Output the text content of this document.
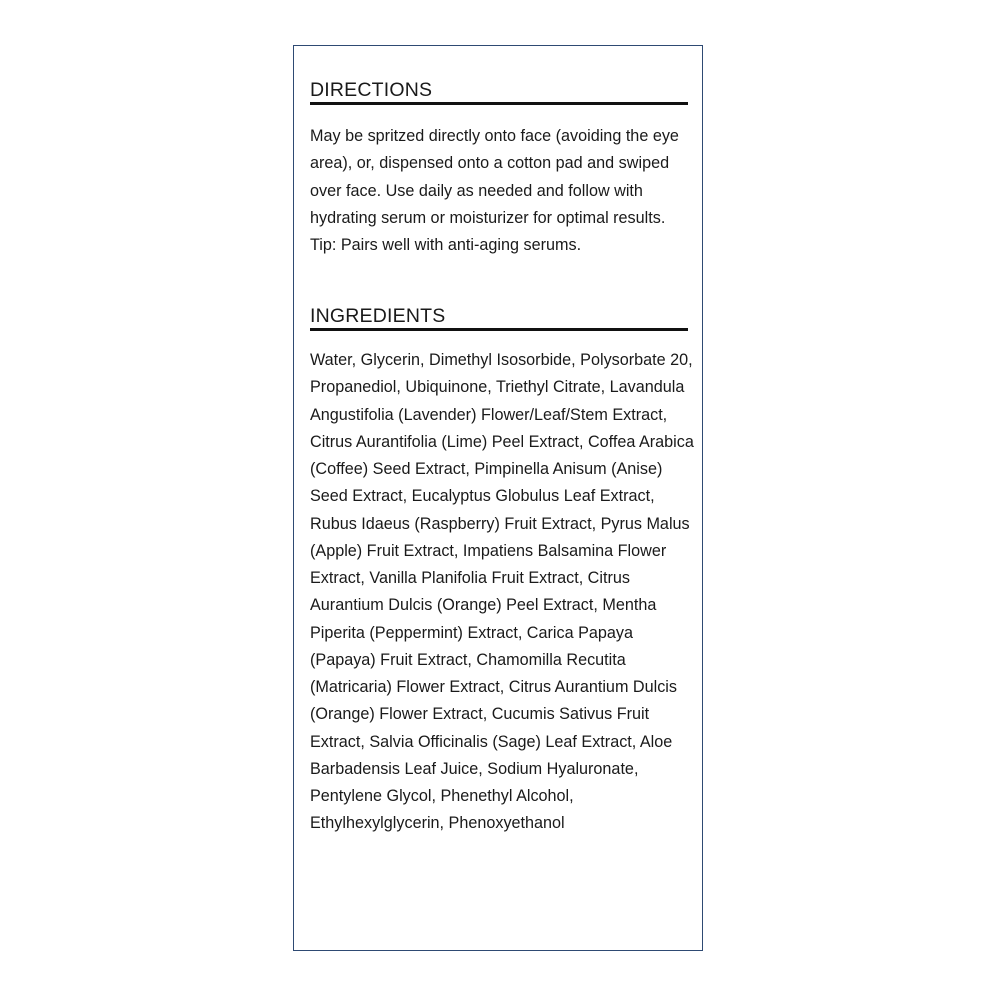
DIRECTIONS

May be spritzed directly onto face (avoiding the eye area), or, dispensed onto a cotton pad and swiped over face. Use daily as needed and follow with hydrating serum or moisturizer for optimal results. Tip: Pairs well with anti-aging serums.

INGREDIENTS

Water, Glycerin, Dimethyl Isosorbide, Polysorbate 20, Propanediol, Ubiquinone, Triethyl Citrate, Lavandula Angustifolia (Lavender) Flower/Leaf/Stem Extract, Citrus Aurantifolia (Lime) Peel Extract, Coffea Arabica (Coffee) Seed Extract, Pimpinella Anisum (Anise) Seed Extract, Eucalyptus Globulus Leaf Extract, Rubus Idaeus (Raspberry) Fruit Extract, Pyrus Malus (Apple) Fruit Extract, Impatiens Balsamina Flower Extract, Vanilla Planifolia Fruit Extract, Citrus Aurantium Dulcis (Orange) Peel Extract, Mentha Piperita (Peppermint) Extract, Carica Papaya (Papaya) Fruit Extract, Chamomilla Recutita (Matricaria) Flower Extract, Citrus Aurantium Dulcis (Orange) Flower Extract, Cucumis Sativus Fruit Extract, Salvia Officinalis (Sage) Leaf Extract, Aloe Barbadensis Leaf Juice, Sodium Hyaluronate, Pentylene Glycol, Phenethyl Alcohol, Ethylhexylglycerin, Phenoxyethanol
